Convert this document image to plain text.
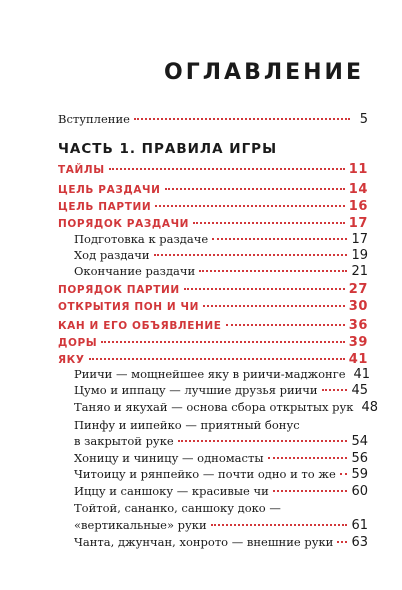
ОГЛАВЛЕНИЕ
Вступление	5
ЧАСТЬ 1. ПРАВИЛА ИГРЫ
ТАЙЛЫ	11
ЦЕЛЬ РАЗДАЧИ	14
ЦЕЛЬ ПАРТИИ	16
ПОРЯДОК РАЗДАЧИ	17
Подготовка к раздаче	17
Ход раздачи	19
Окончание раздачи	21
ПОРЯДОК ПАРТИИ	27
ОТКРЫТИЯ ПОН И ЧИ	30
КАН И ЕГО ОБЪЯВЛЕНИЕ	36
ДОРЫ	39
ЯКУ	41
Риичи — мощнейшее яку в риичи-маджонге 41
Цумо и иппацу — лучшие друзья риичи	45
Таняо и якухай — основа сбора открытых рук 48
Пинфу и иипейко — приятный бонус
в закрытой руке	54
Хоницу и чиницу — одномасты	56
Читоицу и рянпейко — почти одно и то же 59
Иццу и саншоку — красивые чи	60
Тойтой, сананко, саншоку доко —
«вертикальные» руки	61
Чанта, джунчан, хонрото — внешние руки 63
